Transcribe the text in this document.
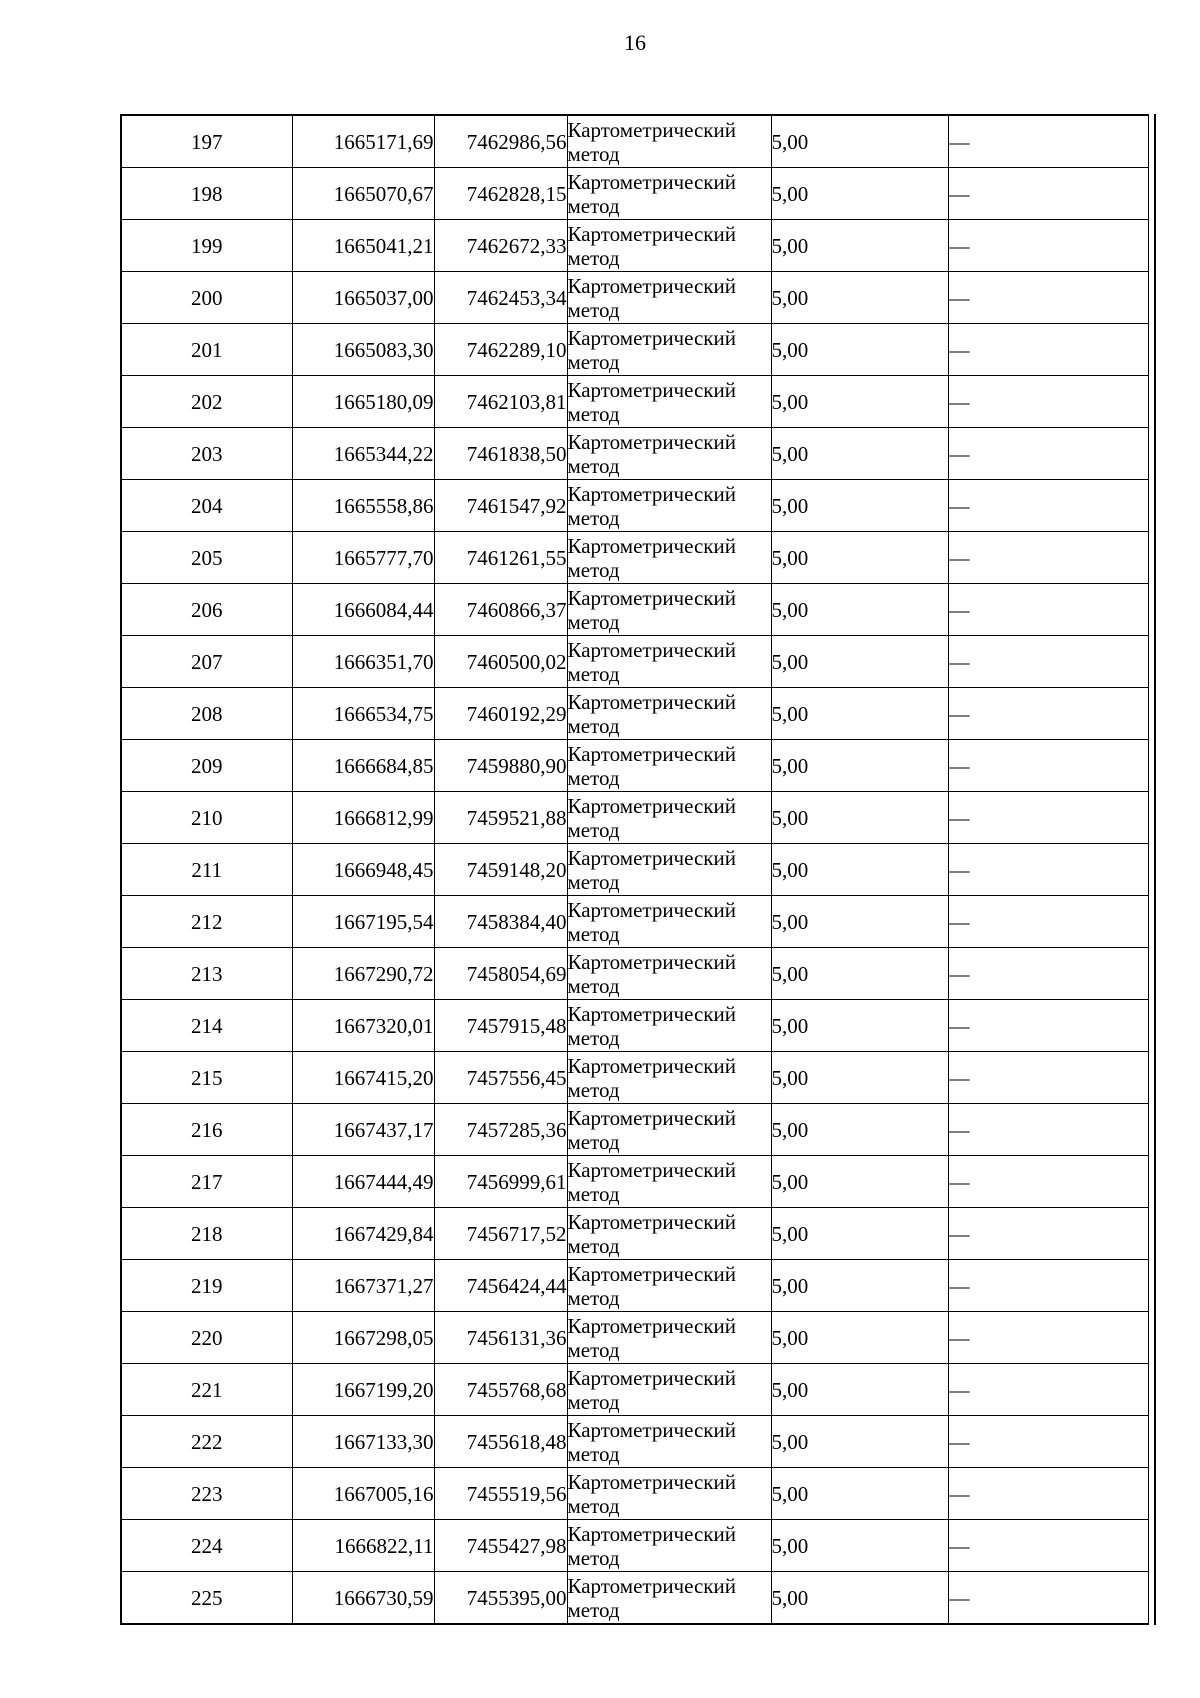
16
197	1665171,69	7462986,56	Картометрический
метод	5,00	—
198	1665070,67	7462828,15	Картометрический
метод	5,00	—
199	1665041,21	7462672,33	Картометрический
метод	5,00	—
200	1665037,00	7462453,34	Картометрический
метод	5,00	—
201	1665083,30	7462289,10	Картометрический
метод	5,00	—
202	1665180,09	7462103,81	Картометрический
метод	5,00	—
203	1665344,22	7461838,50	Картометрический
метод	5,00	—
204	1665558,86	7461547,92	Картометрический
метод	5,00	—
205	1665777,70	7461261,55	Картометрический
метод	5,00	—
206	1666084,44	7460866,37	Картометрический
метод	5,00	—
207	1666351,70	7460500,02	Картометрический
метод	5,00	—
208	1666534,75	7460192,29	Картометрический
метод	5,00	—
209	1666684,85	7459880,90	Картометрический
метод	5,00	—
210	1666812,99	7459521,88	Картометрический
метод	5,00	—
211	1666948,45	7459148,20	Картометрический
метод	5,00	—
212	1667195,54	7458384,40	Картометрический
метод	5,00	—
213	1667290,72	7458054,69	Картометрический
метод	5,00	—
214	1667320,01	7457915,48	Картометрический
метод	5,00	—
215	1667415,20	7457556,45	Картометрический
метод	5,00	—
216	1667437,17	7457285,36	Картометрический
метод	5,00	—
217	1667444,49	7456999,61	Картометрический
метод	5,00	—
218	1667429,84	7456717,52	Картометрический
метод	5,00	—
219	1667371,27	7456424,44	Картометрический
метод	5,00	—
220	1667298,05	7456131,36	Картометрический
метод	5,00	—
221	1667199,20	7455768,68	Картометрический
метод	5,00	—
222	1667133,30	7455618,48	Картометрический
метод	5,00	—
223	1667005,16	7455519,56	Картометрический
метод	5,00	—
224	1666822,11	7455427,98	Картометрический
метод	5,00	—
225	1666730,59	7455395,00	Картометрический
метод	5,00	—
